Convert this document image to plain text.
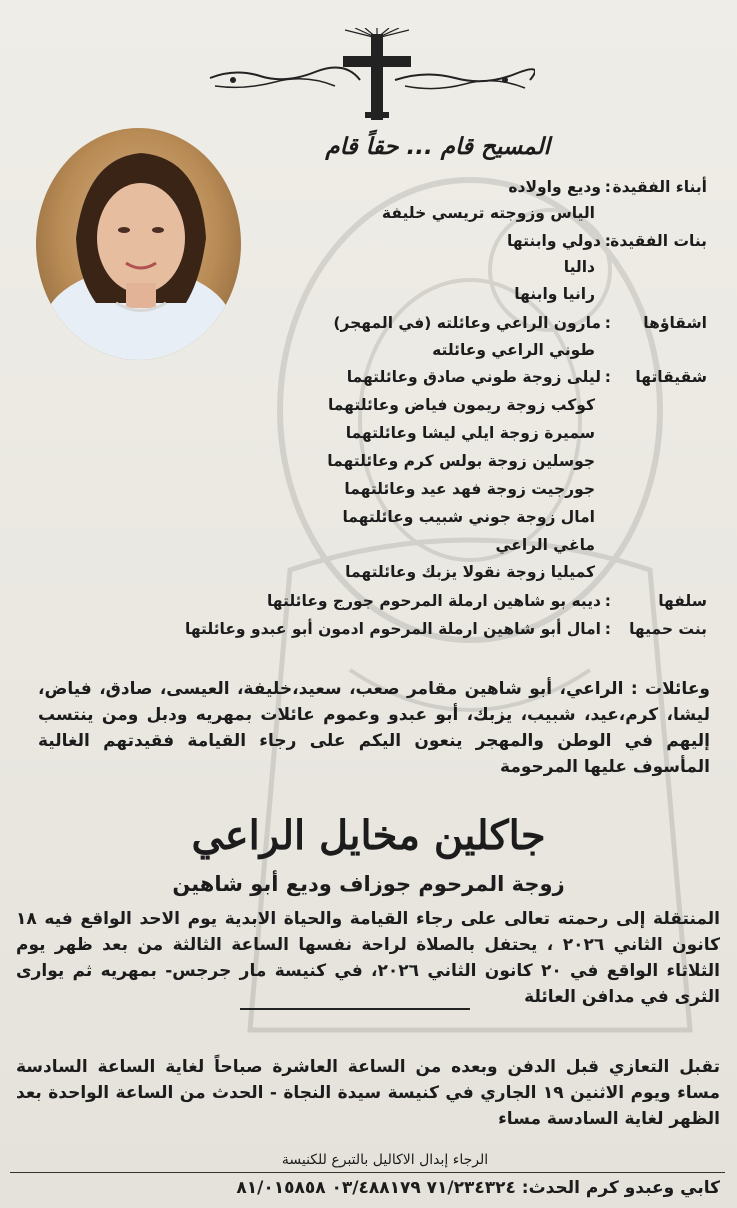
المسيح قام ... حقاً قام
أبناء الفقيدة
:
وديع واولاده
الياس وزوجته تريسي خليفة
بنات الفقيدة
:
دولي وابنتها
داليا
رانيا وابنها
اشقاؤها
:
مارون الراعي وعائلته (في المهجر)
طوني الراعي وعائلته
شقيقاتها
:
ليلى زوجة طوني صادق وعائلتهما
كوكب زوجة ريمون فياض وعائلتهما
سميرة زوجة ايلي ليشا وعائلتهما
جوسلين زوجة بولس كرم وعائلتهما
جورجيت زوجة فهد عيد وعائلتهما
امال زوجة جوني شبيب وعائلتهما
ماغي الراعي
كميليا زوجة نقولا يزبك وعائلتهما
سلفها
:
ديبه بو شاهين ارملة المرحوم جورج وعائلتها
بنت حميها
:
امال أبو شاهين ارملة المرحوم ادمون أبو عبدو وعائلتها
وعائلات : الراعي، أبو شاهين مقامر صعب، سعيد،خليفة، العيسى، صادق، فياض، ليشا، كرم،عيد، شبيب، يزبك، أبو عبدو وعموم عائلات بمهريه ودبل ومن ينتسب إليهم في الوطن والمهجر ينعون اليكم على رجاء القيامة فقيدتهم الغالية المأسوف عليها المرحومة
جاكلين مخايل الراعي
زوجة المرحوم جوزاف وديع أبو شاهين
المنتقلة إلى رحمته تعالى على رجاء القيامة والحياة الابدية يوم الاحد الواقع فيه ١٨ كانون الثاني ٢٠٢٦ ، يحتفل بالصلاة لراحة نفسها الساعة الثالثة من بعد ظهر يوم الثلاثاء الواقع في ٢٠ كانون الثاني ٢٠٢٦، في كنيسة مار جرجس- بمهريه ثم يوارى الثرى في مدافن العائلة
تقبل التعازي قبل الدفن وبعده من الساعة العاشرة صباحاً لغاية الساعة السادسة مساء ويوم الاثنين ١٩ الجاري في كنيسة سيدة النجاة - الحدث من الساعة الواحدة بعد الظهر لغاية السادسة مساء
الرجاء إبدال الاكاليل بالتبرع للكنيسة
كابي وعبدو كرم الحدث: ٧١/٢٣٤٣٢٤ ٠٣/٤٨٨١٧٩ ٨١/٠١٥٨٥٨
